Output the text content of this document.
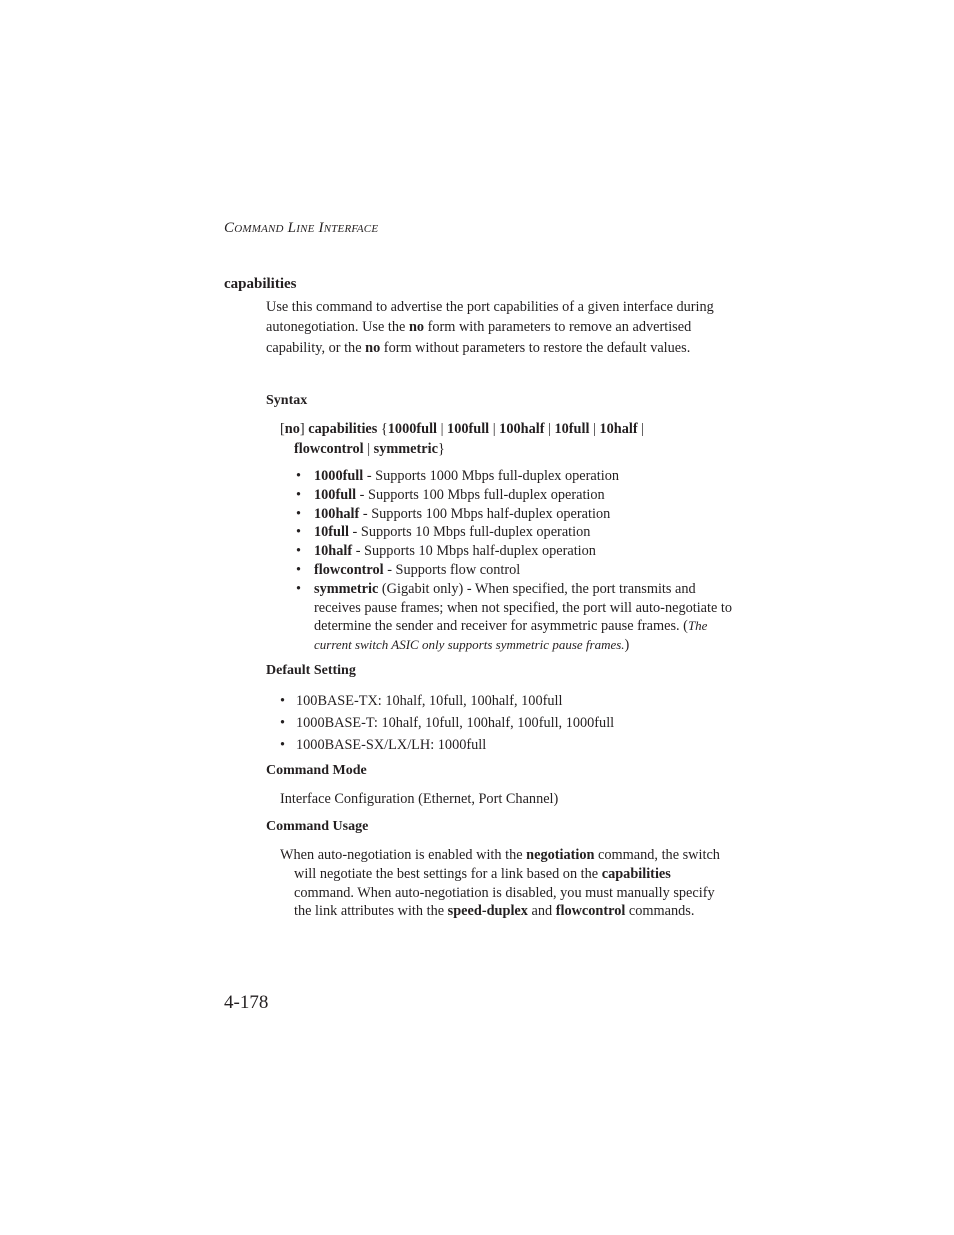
COMMAND LINE INTERFACE
capabilities
Use this command to advertise the port capabilities of a given interface during autonegotiation. Use the no form with parameters to remove an advertised capability, or the no form without parameters to restore the default values.
Syntax
[no] capabilities {1000full | 100full | 100half | 10full | 10half |
flowcontrol | symmetric}
• 1000full - Supports 1000 Mbps full-duplex operation
• 100full - Supports 100 Mbps full-duplex operation
• 100half - Supports 100 Mbps half-duplex operation
• 10full - Supports 10 Mbps full-duplex operation
• 10half - Supports 10 Mbps half-duplex operation
• flowcontrol - Supports flow control
• symmetric (Gigabit only) - When specified, the port transmits and receives pause frames; when not specified, the port will auto-negotiate to determine the sender and receiver for asymmetric pause frames. (The current switch ASIC only supports symmetric pause frames.)
Default Setting
• 100BASE-TX: 10half, 10full, 100half, 100full
• 1000BASE-T: 10half, 10full, 100half, 100full, 1000full
• 1000BASE-SX/LX/LH: 1000full
Command Mode
Interface Configuration (Ethernet, Port Channel)
Command Usage
When auto-negotiation is enabled with the negotiation command, the switch will negotiate the best settings for a link based on the capabilities command. When auto-negotiation is disabled, you must manually specify the link attributes with the speed-duplex and flowcontrol commands.
4-178
